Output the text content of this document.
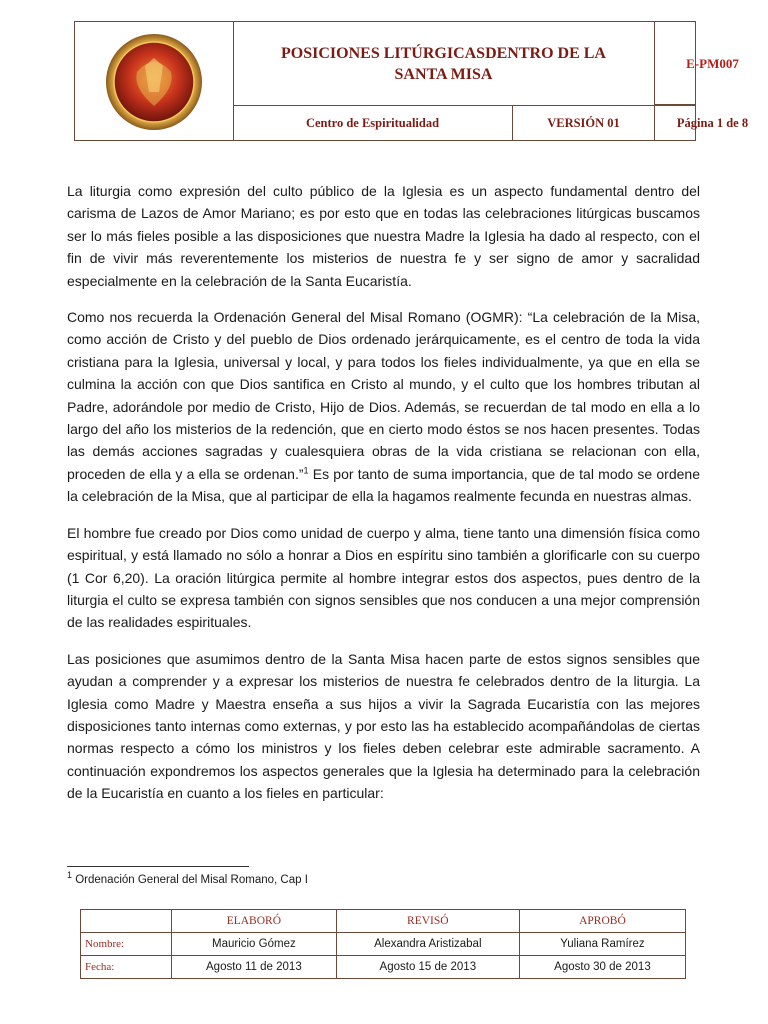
POSICIONES LITÚRGICASDENTRO DE LA SANTA MISA
E-PM007
Centro de Espiritualidad	VERSIÓN 01	Página 1 de 8

La liturgia como expresión del culto público de la Iglesia es un aspecto fundamental dentro del carisma de Lazos de Amor Mariano; es por esto que en todas las celebraciones litúrgicas buscamos ser lo más fieles posible a las disposiciones que nuestra Madre la Iglesia ha dado al respecto, con el fin de vivir más reverentemente los misterios de nuestra fe y ser signo de amor y sacralidad especialmente en la celebración de la Santa Eucaristía.

Como nos recuerda la Ordenación General del Misal Romano (OGMR): “La celebración de la Misa, como acción de Cristo y del pueblo de Dios ordenado jerárquicamente, es el centro de toda la vida cristiana para la Iglesia, universal y local, y para todos los fieles individualmente, ya que en ella se culmina la acción con que Dios santifica en Cristo al mundo, y el culto que los hombres tributan al Padre, adorándole por medio de Cristo, Hijo de Dios. Además, se recuerdan de tal modo en ella a lo largo del año los misterios de la redención, que en cierto modo éstos se nos hacen presentes. Todas las demás acciones sagradas y cualesquiera obras de la vida cristiana se relacionan con ella, proceden de ella y a ella se ordenan.”$^1$ Es por tanto de suma importancia, que de tal modo se ordene la celebración de la Misa, que al participar de ella la hagamos realmente fecunda en nuestras almas.

El hombre fue creado por Dios como unidad de cuerpo y alma, tiene tanto una dimensión física como espiritual, y está llamado no sólo a honrar a Dios en espíritu sino también a glorificarle con su cuerpo (1 Cor 6,20). La oración litúrgica permite al hombre integrar estos dos aspectos, pues dentro de la liturgia el culto se expresa también con signos sensibles que nos conducen a una mejor comprensión de las realidades espirituales.

Las posiciones que asumimos dentro de la Santa Misa hacen parte de estos signos sensibles que ayudan a comprender y a expresar los misterios de nuestra fe celebrados dentro de la liturgia. La Iglesia como Madre y Maestra enseña a sus hijos a vivir la Sagrada Eucaristía con las mejores disposiciones tanto internas como externas, y por esto las ha establecido acompañándolas de ciertas normas respecto a cómo los ministros y los fieles deben celebrar este admirable sacramento. A continuación expondremos los aspectos generales que la Iglesia ha determinado para la celebración de la Eucaristía en cuanto a los fieles en particular:

$^1$ Ordenación General del Misal Romano, Cap I
	ELABORÓ	REVISÓ	APROBÓ
Nombre:	Mauricio Gómez	Alexandra Aristizabal	Yuliana Ramírez
Fecha:	Agosto 11 de 2013	Agosto 15 de 2013	Agosto 30 de 2013
